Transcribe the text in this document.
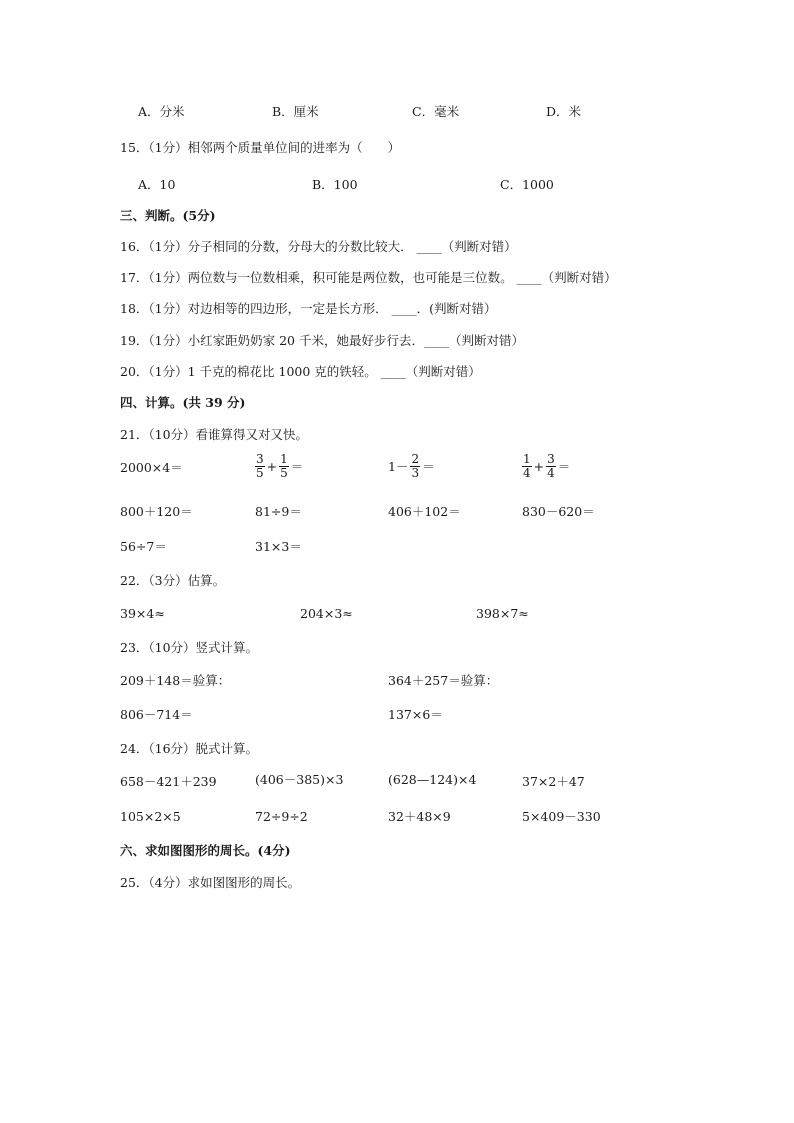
A．分米	B．厘米	C．毫米	D．米
15．（1分）相邻两个质量单位间的进率为（　　）
A．10	B．100	C．1000
三、判断。(5分)
16．（1分）分子相同的分数，分母大的分数比较大． ____（判断对错）
17．（1分）两位数与一位数相乘，积可能是两位数，也可能是三位数。 ____（判断对错）
18．（1分）对边相等的四边形，一定是长方形． ____．(判断对错）
19．（1分）小红家距奶奶家 20 千米，她最好步行去．____（判断对错）
20．（1分）1 千克的棉花比 1000 克的铁轻。 ____（判断对错）
四、计算。(共 39 分)
21．（10分）看谁算得又对又快。
2000×4＝	$\frac{3}{5} + \frac{1}{5}$ ＝	$1- \frac{2}{3}$ ＝	$\frac{1}{4} + \frac{3}{4}$ ＝
800＋120＝	81÷9＝	406＋102＝	830－620＝
56÷7＝	31×3＝
22．（3分）估算。
39×4≈	204×3≈	398×7≈
23．（10分）竖式计算。
209＋148＝验算：	364＋257＝验算：
806－714＝	137×6＝
24．（16分）脱式计算。
658－421＋239	(406－385)×3	(628—124)×4	37×2＋47
105×2×5	72÷9÷2	32＋48×9	5×409－330
六、求如图图形的周长。(4分)
25．（4分）求如图图形的周长。
